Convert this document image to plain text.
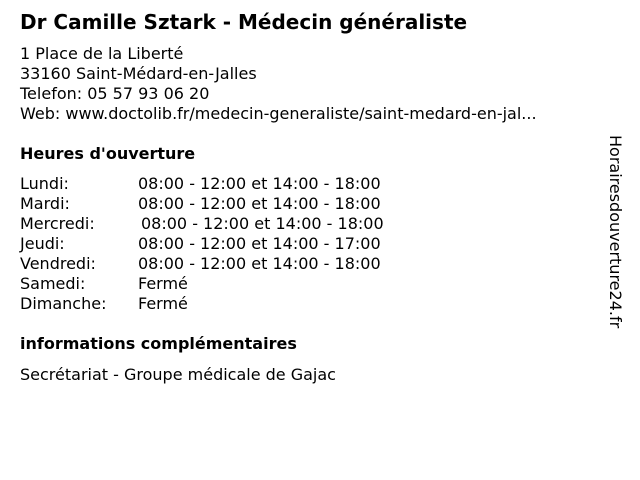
Dr Camille Sztark - Médecin généraliste
1 Place de la Liberté
33160 Saint-Médard-en-Jalles
Telefon: 05 57 93 06 20
Web: www.doctolib.fr/medecin-generaliste/saint-medard-en-jal...
Heures d'ouverture
Lundi:	08:00 - 12:00 et 14:00 - 18:00
Mardi:	08:00 - 12:00 et 14:00 - 18:00
Mercredi:	08:00 - 12:00 et 14:00 - 18:00
Jeudi:	08:00 - 12:00 et 14:00 - 17:00
Vendredi:	08:00 - 12:00 et 14:00 - 18:00
Samedi:	Fermé
Dimanche: Fermé
informations complémentaires
Secrétariat - Groupe médicale de Gajac
Horairesdouverture24.fr
